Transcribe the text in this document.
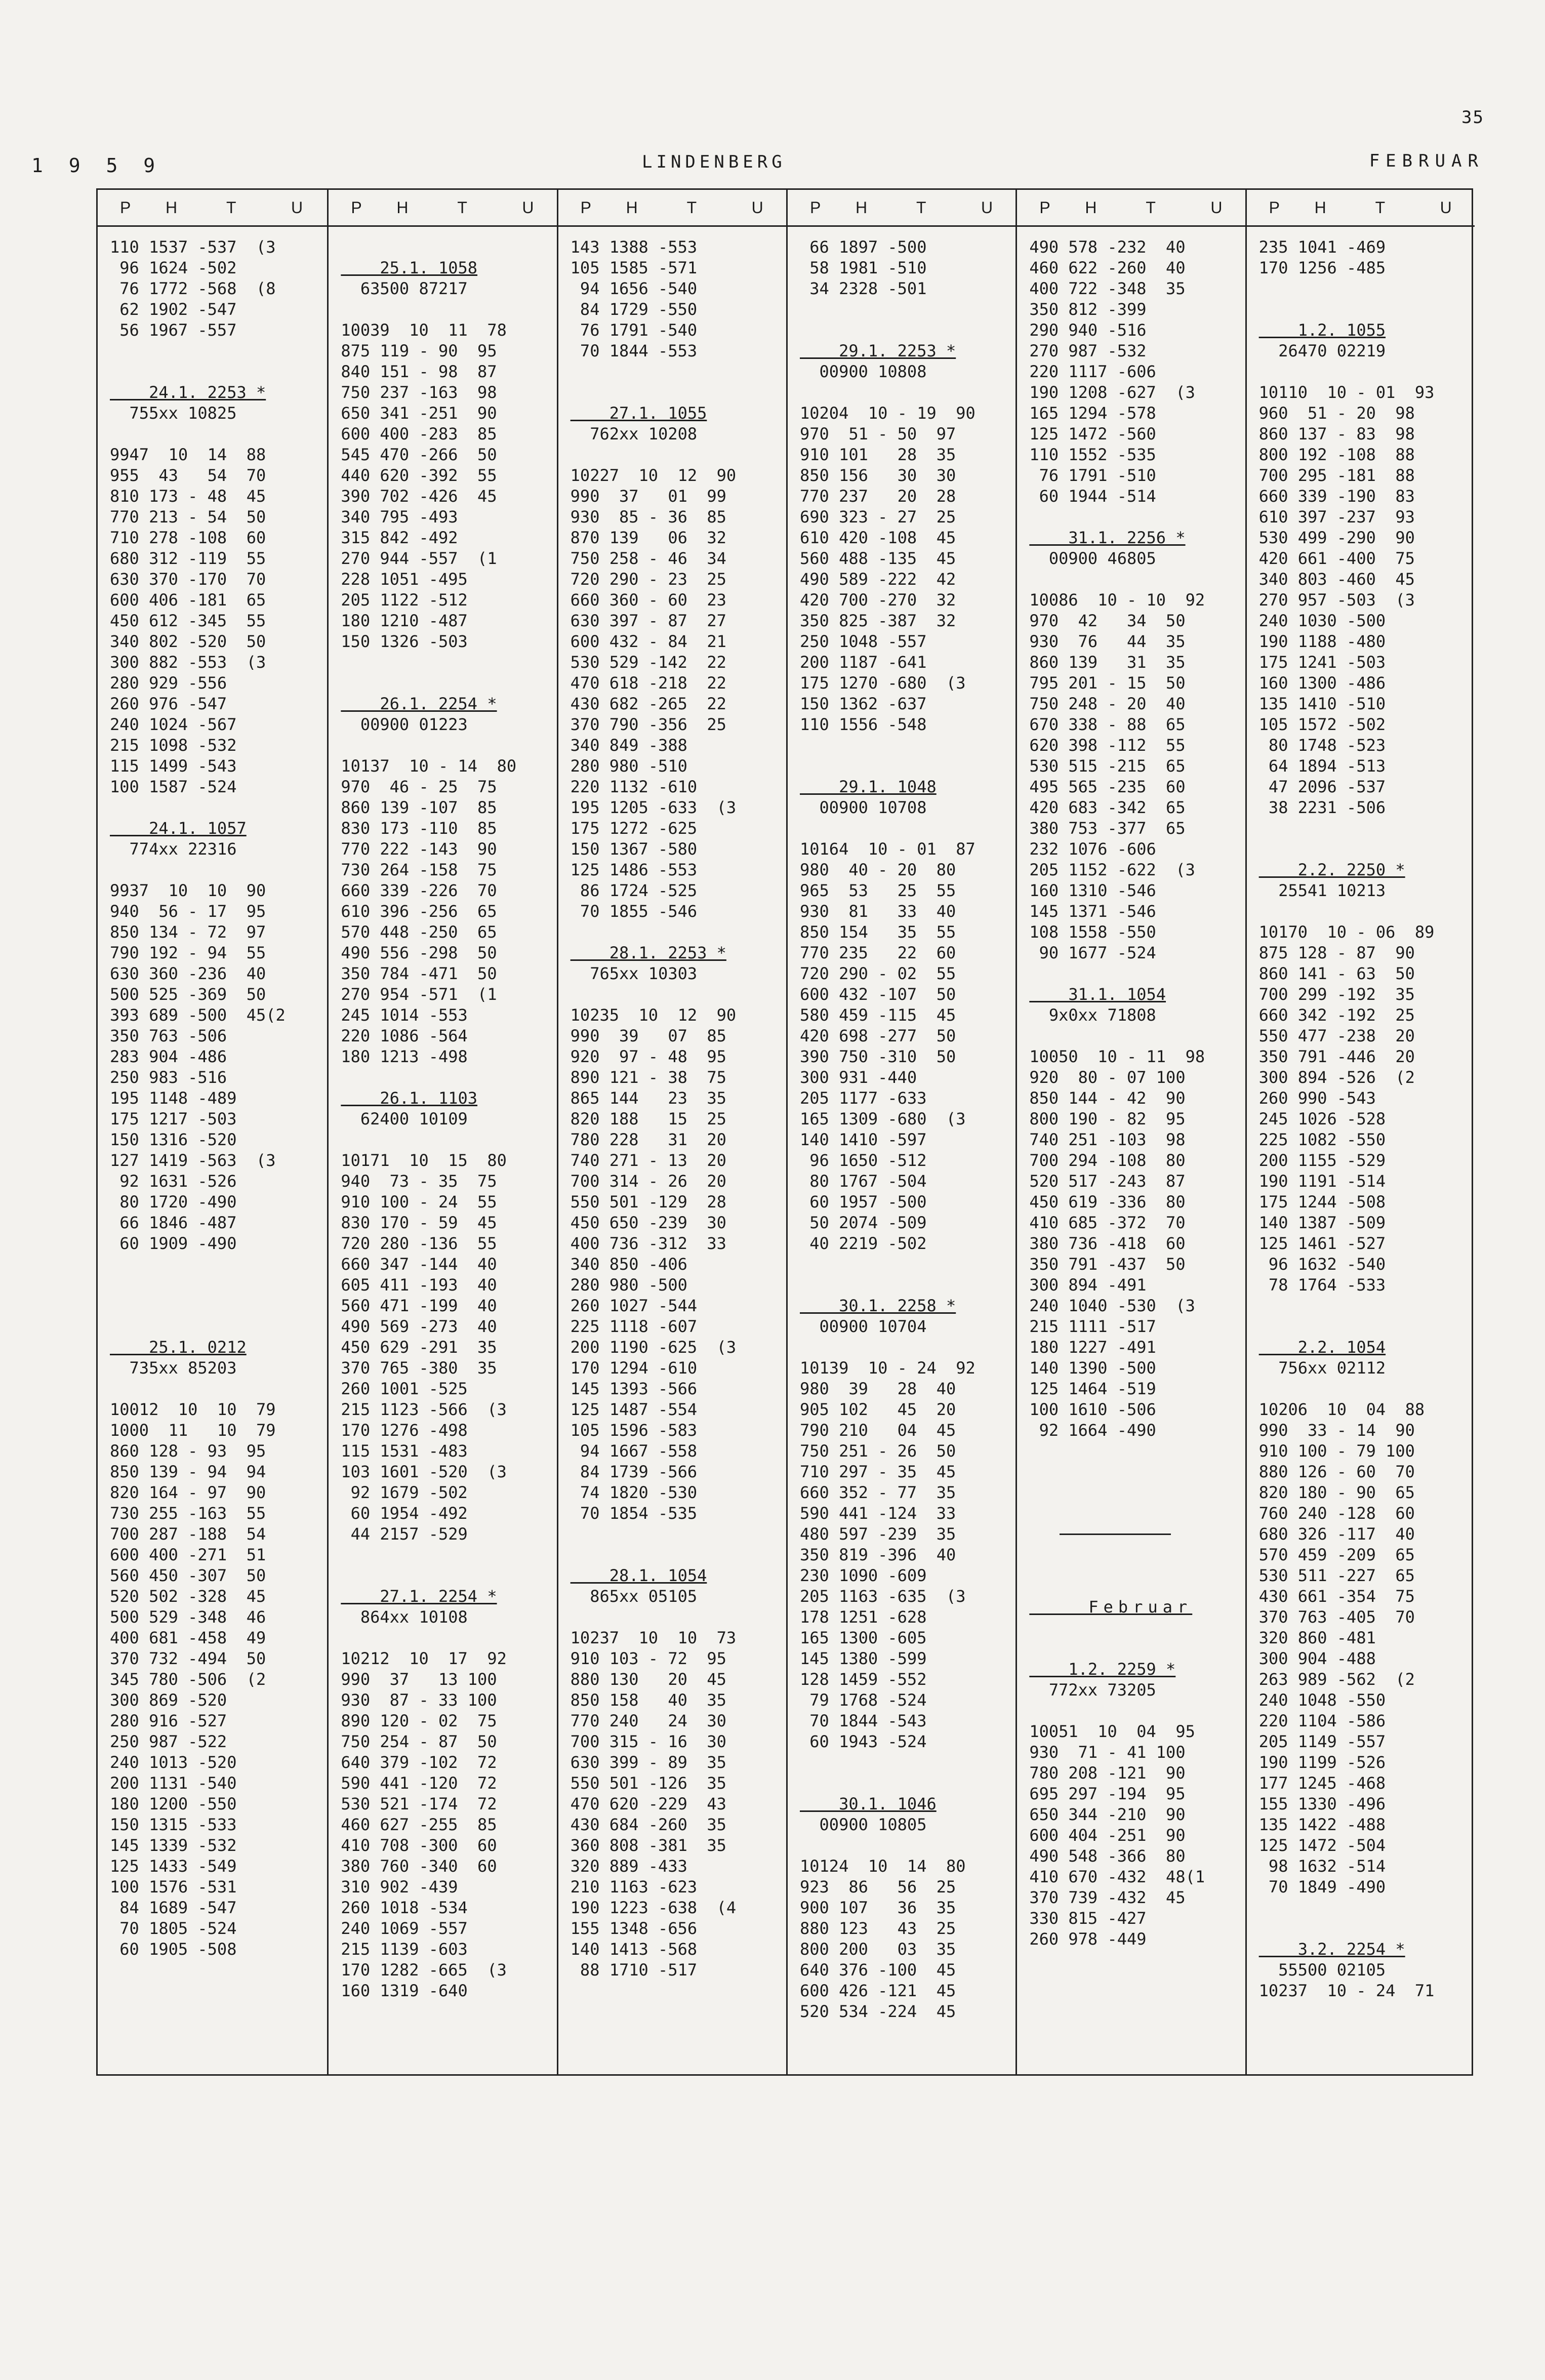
35
1 9 5 9	LINDENBERG	FEBRUAR
P	H	T	U
110 1537 -537  (3
96 1624 -502
76 1772 -568  (8
62 1902 -547
56 1967 -557
24.1. 2253 *
755xx 10825
9947  10  14  88
955  43   54  70
810 173 - 48  45
770 213 - 54  50
710 278 -108  60
680 312 -119  55
630 370 -170  70
600 406 -181  65
450 612 -345  55
340 802 -520  50
300 882 -553  (3
280 929 -556
260 976 -547
240 1024 -567
215 1098 -532
115 1499 -543
100 1587 -524
24.1. 1057
774xx 22316
9937  10  10  90
940  56 - 17  95
850 134 - 72  97
790 192 - 94  55
630 360 -236  40
500 525 -369  50
393 689 -500  45(2
350 763 -506
283 904 -486
250 983 -516
195 1148 -489
175 1217 -503
150 1316 -520
127 1419 -563  (3
92 1631 -526
80 1720 -490
66 1846 -487
60 1909 -490
25.1. 0212
735xx 85203
10012  10  10  79
1000  11   10  79
860 128 - 93  95
850 139 - 94  94
820 164 - 97  90
730 255 -163  55
700 287 -188  54
600 400 -271  51
560 450 -307  50
520 502 -328  45
500 529 -348  46
400 681 -458  49
370 732 -494  50
345 780 -506  (2
300 869 -520
280 916 -527
250 987 -522
240 1013 -520
200 1131 -540
180 1200 -550
150 1315 -533
145 1339 -532
125 1433 -549
100 1576 -531
84 1689 -547
70 1805 -524
60 1905 -508
P	H	T	U
25.1. 1058
63500 87217
10039  10  11  78
875 119 - 90  95
840 151 - 98  87
750 237 -163  98
650 341 -251  90
600 400 -283  85
545 470 -266  50
440 620 -392  55
390 702 -426  45
340 795 -493
315 842 -492
270 944 -557  (1
228 1051 -495
205 1122 -512
180 1210 -487
150 1326 -503
26.1. 2254 *
00900 01223
10137  10 - 14  80
970  46 - 25  75
860 139 -107  85
830 173 -110  85
770 222 -143  90
730 264 -158  75
660 339 -226  70
610 396 -256  65
570 448 -250  65
490 556 -298  50
350 784 -471  50
270 954 -571  (1
245 1014 -553
220 1086 -564
180 1213 -498
26.1. 1103
62400 10109
10171  10  15  80
940  73 - 35  75
910 100 - 24  55
830 170 - 59  45
720 280 -136  55
660 347 -144  40
605 411 -193  40
560 471 -199  40
490 569 -273  40
450 629 -291  35
370 765 -380  35
260 1001 -525
215 1123 -566  (3
170 1276 -498
115 1531 -483
103 1601 -520  (3
92 1679 -502
60 1954 -492
44 2157 -529
27.1. 2254 *
864xx 10108
10212  10  17  92
990  37   13 100
930  87 - 33 100
890 120 - 02  75
750 254 - 87  50
640 379 -102  72
590 441 -120  72
530 521 -174  72
460 627 -255  85
410 708 -300  60
380 760 -340  60
310 902 -439
260 1018 -534
240 1069 -557
215 1139 -603
170 1282 -665  (3
160 1319 -640
P	H	T	U
143 1388 -553
105 1585 -571
94 1656 -540
84 1729 -550
76 1791 -540
70 1844 -553
27.1. 1055
762xx 10208
10227  10  12  90
990  37   01  99
930  85 - 36  85
870 139   06  32
750 258 - 46  34
720 290 - 23  25
660 360 - 60  23
630 397 - 87  27
600 432 - 84  21
530 529 -142  22
470 618 -218  22
430 682 -265  22
370 790 -356  25
340 849 -388
280 980 -510
220 1132 -610
195 1205 -633  (3
175 1272 -625
150 1367 -580
125 1486 -553
86 1724 -525
70 1855 -546
28.1. 2253 *
765xx 10303
10235  10  12  90
990  39   07  85
920  97 - 48  95
890 121 - 38  75
865 144   23  35
820 188   15  25
780 228   31  20
740 271 - 13  20
700 314 - 26  20
550 501 -129  28
450 650 -239  30
400 736 -312  33
340 850 -406
280 980 -500
260 1027 -544
225 1118 -607
200 1190 -625  (3
170 1294 -610
145 1393 -566
125 1487 -554
105 1596 -583
94 1667 -558
84 1739 -566
74 1820 -530
70 1854 -535
28.1. 1054
865xx 05105
10237  10  10  73
910 103 - 72  95
880 130   20  45
850 158   40  35
770 240   24  30
700 315 - 16  30
630 399 - 89  35
550 501 -126  35
470 620 -229  43
430 684 -260  35
360 808 -381  35
320 889 -433
210 1163 -623
190 1223 -638  (4
155 1348 -656
140 1413 -568
88 1710 -517
P	H	T	U
66 1897 -500
58 1981 -510
34 2328 -501
29.1. 2253 *
00900 10808
10204  10 - 19  90
970  51 - 50  97
910 101   28  35
850 156   30  30
770 237   20  28
690 323 - 27  25
610 420 -108  45
560 488 -135  45
490 589 -222  42
420 700 -270  32
350 825 -387  32
250 1048 -557
200 1187 -641
175 1270 -680  (3
150 1362 -637
110 1556 -548
29.1. 1048
00900 10708
10164  10 - 01  87
980  40 - 20  80
965  53   25  55
930  81   33  40
850 154   35  55
770 235   22  60
720 290 - 02  55
600 432 -107  50
580 459 -115  45
420 698 -277  50
390 750 -310  50
300 931 -440
205 1177 -633
165 1309 -680  (3
140 1410 -597
96 1650 -512
80 1767 -504
60 1957 -500
50 2074 -509
40 2219 -502
30.1. 2258 *
00900 10704
10139  10 - 24  92
980  39   28  40
905 102   45  20
790 210   04  45
750 251 - 26  50
710 297 - 35  45
660 352 - 77  35
590 441 -124  33
480 597 -239  35
350 819 -396  40
230 1090 -609
205 1163 -635  (3
178 1251 -628
165 1300 -605
145 1380 -599
128 1459 -552
79 1768 -524
70 1844 -543
60 1943 -524
30.1. 1046
00900 10805
10124  10  14  80
923  86   56  25
900 107   36  35
880 123   43  25
800 200   03  35
640 376 -100  45
600 426 -121  45
520 534 -224  45
P	H	T	U
490 578 -232  40
460 622 -260  40
400 722 -348  35
350 812 -399
290 940 -516
270 987 -532
220 1117 -606
190 1208 -627  (3
165 1294 -578
125 1472 -560
110 1552 -535
76 1791 -510
60 1944 -514
31.1. 2256 *
00900 46805
10086  10 - 10  92
970  42   34  50
930  76   44  35
860 139   31  35
795 201 - 15  50
750 248 - 20  40
670 338 - 88  65
620 398 -112  55
530 515 -215  65
495 565 -235  60
420 683 -342  65
380 753 -377  65
232 1076 -606
205 1152 -622  (3
160 1310 -546
145 1371 -546
108 1558 -550
90 1677 -524
31.1. 1054
9x0xx 71808
10050  10 - 11  98
920  80 - 07 100
850 144 - 42  90
800 190 - 82  95
740 251 -103  98
700 294 -108  80
520 517 -243  87
450 619 -336  80
410 685 -372  70
380 736 -418  60
350 791 -437  50
300 894 -491
240 1040 -530  (3
215 1111 -517
180 1227 -491
140 1390 -500
125 1464 -519
100 1610 -506
92 1664 -490
Februar
1.2. 2259 *
772xx 73205
10051  10  04  95
930  71 - 41 100
780 208 -121  90
695 297 -194  95
650 344 -210  90
600 404 -251  90
490 548 -366  80
410 670 -432  48(1
370 739 -432  45
330 815 -427
260 978 -449
P	H	T	U
235 1041 -469
170 1256 -485
1.2. 1055
26470 02219
10110  10 - 01  93
960  51 - 20  98
860 137 - 83  98
800 192 -108  88
700 295 -181  88
660 339 -190  83
610 397 -237  93
530 499 -290  90
420 661 -400  75
340 803 -460  45
270 957 -503  (3
240 1030 -500
190 1188 -480
175 1241 -503
160 1300 -486
135 1410 -510
105 1572 -502
80 1748 -523
64 1894 -513
47 2096 -537
38 2231 -506
2.2. 2250 *
25541 10213
10170  10 - 06  89
875 128 - 87  90
860 141 - 63  50
700 299 -192  35
660 342 -192  25
550 477 -238  20
350 791 -446  20
300 894 -526  (2
260 990 -543
245 1026 -528
225 1082 -550
200 1155 -529
190 1191 -514
175 1244 -508
140 1387 -509
125 1461 -527
96 1632 -540
78 1764 -533
2.2. 1054
756xx 02112
10206  10  04  88
990  33 - 14  90
910 100 - 79 100
880 126 - 60  70
820 180 - 90  65
760 240 -128  60
680 326 -117  40
570 459 -209  65
530 511 -227  65
430 661 -354  75
370 763 -405  70
320 860 -481
300 904 -488
263 989 -562  (2
240 1048 -550
220 1104 -586
205 1149 -557
190 1199 -526
177 1245 -468
155 1330 -496
135 1422 -488
125 1472 -504
98 1632 -514
70 1849 -490
3.2. 2254 *
55500 02105
10237  10 - 24  71
